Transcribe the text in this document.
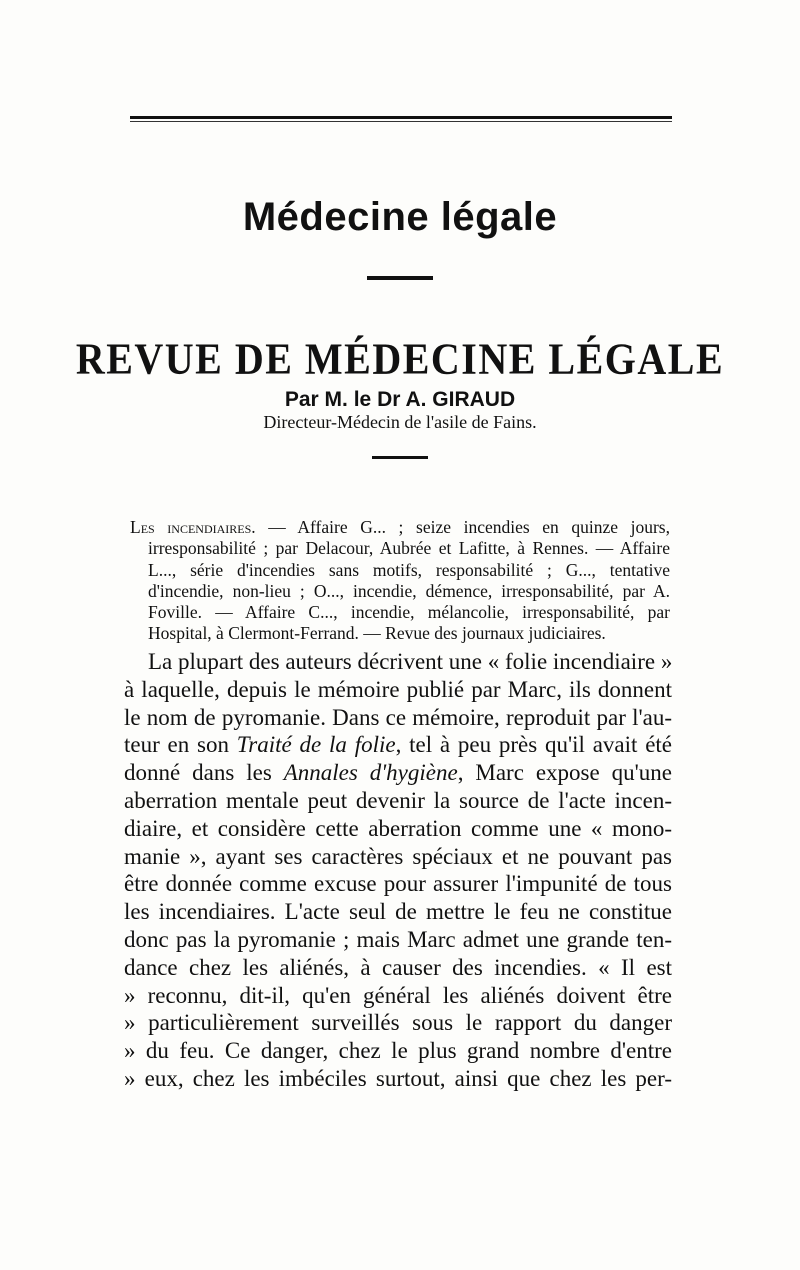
Médecine légale
REVUE DE MÉDECINE LÉGALE
Par M. le Dr A. GIRAUD
Directeur-Médecin de l'asile de Fains.

Les incendiaires. — Affaire G... ; seize incendies en quinze jours, irresponsabilité ; par Delacour, Aubrée et Lafitte, à Rennes. — Affaire L..., série d'incendies sans motifs, responsabilité ; G..., tentative d'incendie, non-lieu ; O..., incendie, démence, irresponsabilité, par A. Foville. — Affaire C..., incendie, mélancolie, irresponsabilité, par Hospital, à Clermont-Ferrand. — Revue des journaux judiciaires.

La plupart des auteurs décrivent une « folie incendiaire »
à laquelle, depuis le mémoire publié par Marc, ils donnent
le nom de pyromanie. Dans ce mémoire, reproduit par l'au-
teur en son Traité de la folie, tel à peu près qu'il avait été
donné dans les Annales d'hygiène, Marc expose qu'une
aberration mentale peut devenir la source de l'acte incen-
diaire, et considère cette aberration comme une « mono-
manie », ayant ses caractères spéciaux et ne pouvant pas
être donnée comme excuse pour assurer l'impunité de tous
les incendiaires. L'acte seul de mettre le feu ne constitue
donc pas la pyromanie ; mais Marc admet une grande ten-
dance chez les aliénés, à causer des incendies. « Il est
» reconnu, dit-il, qu'en général les aliénés doivent être
» particulièrement surveillés sous le rapport du danger
» du feu. Ce danger, chez le plus grand nombre d'entre
» eux, chez les imbéciles surtout, ainsi que chez les per-
